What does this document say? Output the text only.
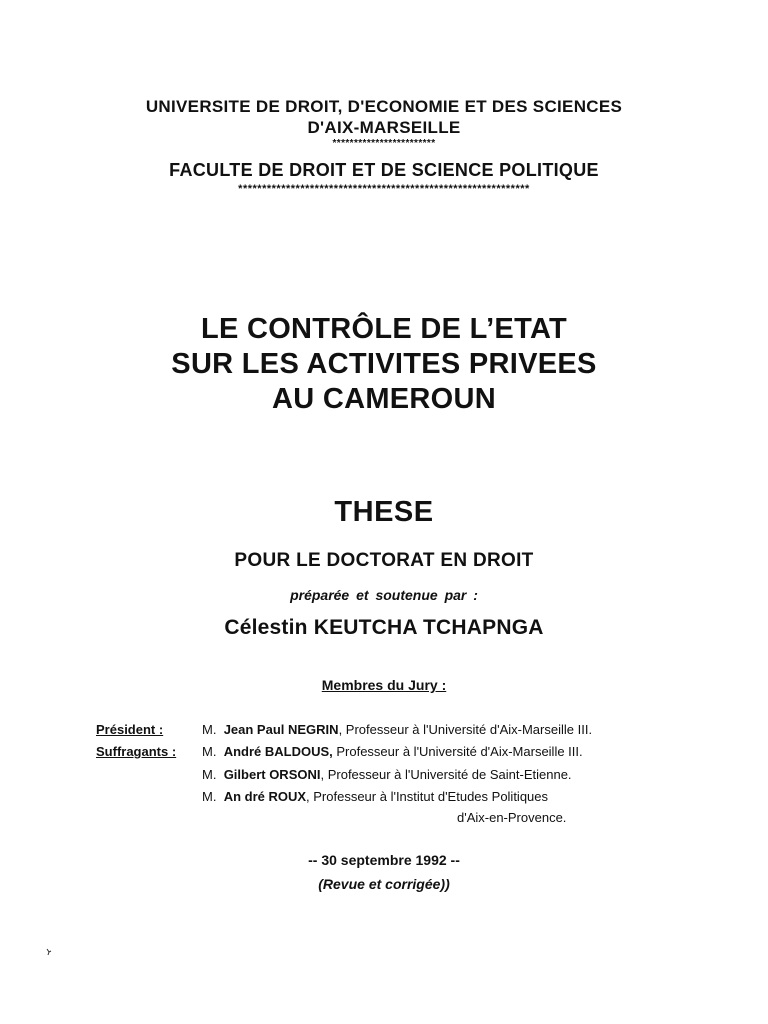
UNIVERSITE DE DROIT, D'ECONOMIE ET DES SCIENCES
D'AIX-MARSEILLE
************************
FACULTE DE DROIT ET DE SCIENCE POLITIQUE
*************************************************************
LE CONTRÔLE DE L’ETAT
SUR LES ACTIVITES PRIVEES
AU CAMEROUN
THESE
POUR LE DOCTORAT EN DROIT
préparée et soutenue par :
Célestin KEUTCHA TCHAPNGA
Membres du Jury :
Président :
Suffragants :
M. Jean Paul NEGRIN, Professeur à l'Université d'Aix-Marseille III.
M. André BALDOUS, Professeur à l'Université d'Aix-Marseille III.
M. Gilbert ORSONI, Professeur à l'Université de Saint-Etienne.
M. An dré ROUX, Professeur à l'Institut d'Etudes Politiques
d'Aix-en-Provence.
-- 30 septembre 1992 --
(Revue et corrigée))
